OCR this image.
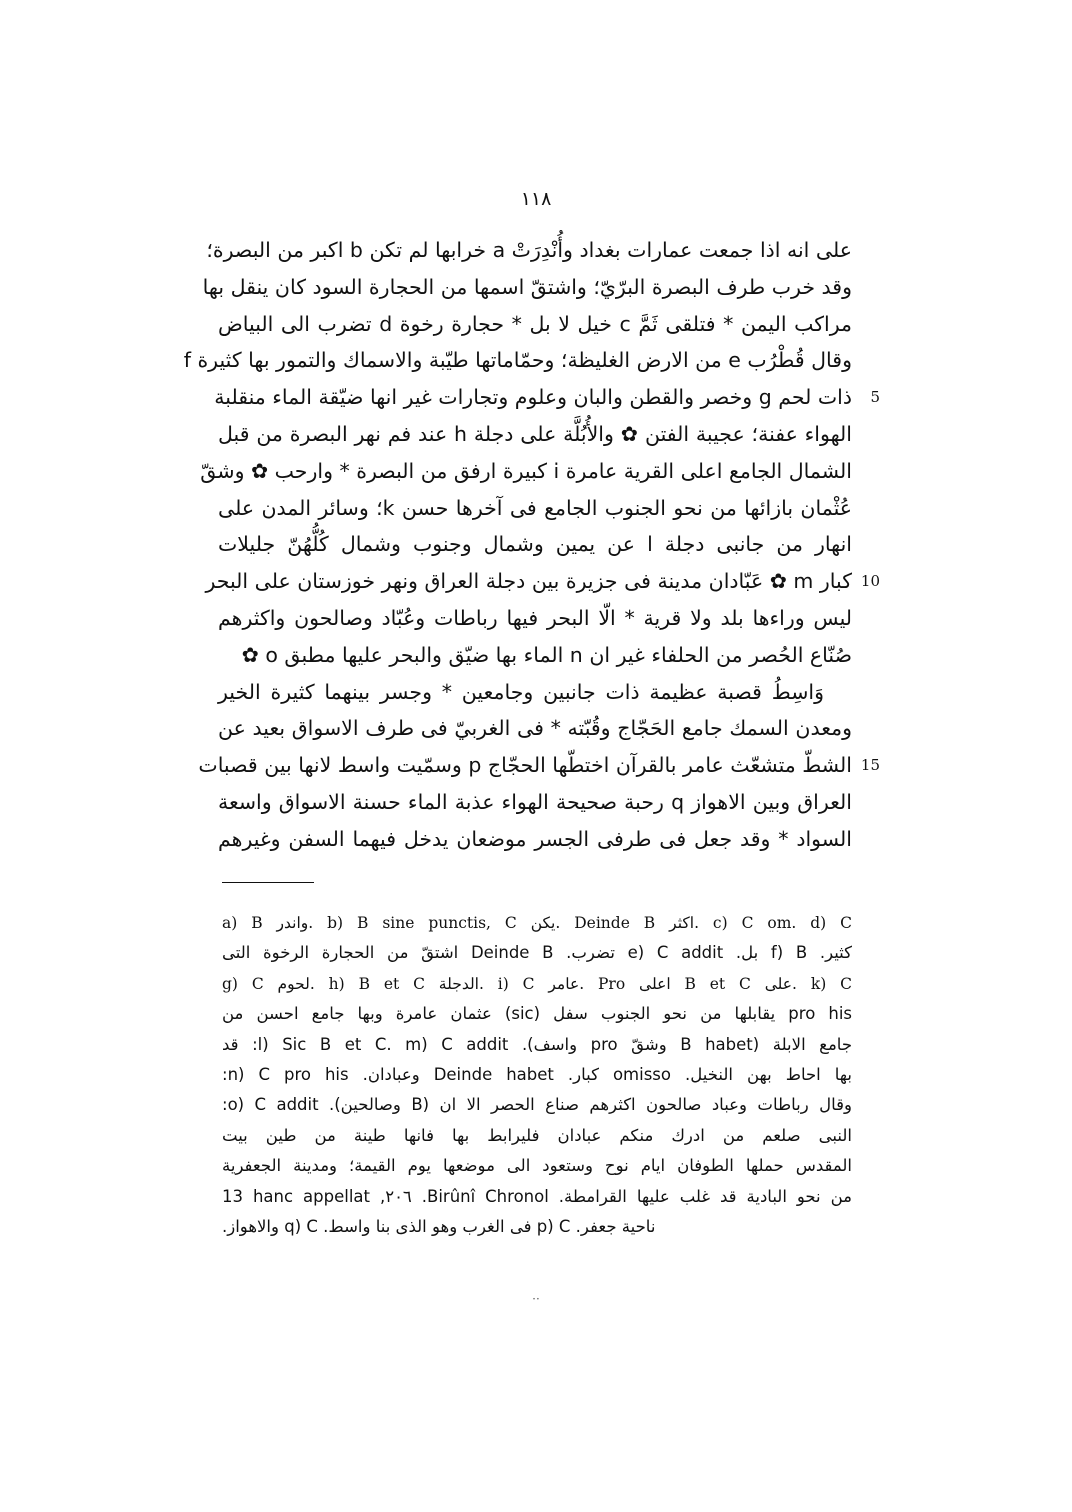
١١٨
على انه اذا جمعت عمارات بغداد وأُنْدِرَتْ a خرابها لم تكن b اكبر من البصرة؛
وقد خرب طرف البصرة البرّيّ؛ واشتقّ اسمها من الحجارة السود كان ينقل بها
مراكب اليمن * فتلقى ثَمَّ c خيل لا بل * حجارة رخوة d تضرب الى البياض
وقال قُطْرُب e من الارض الغليظة؛ وحمّاماتها طيّبة والاسماك والتمور بها كثيرة f
5
ذات لحم g وخصر والقطن والبان وعلوم وتجارات غير انها ضيّقة الماء منقلبة
الهواء عفنة؛ عجيبة الفتن ✿ والأُبُلَّة على دجلة h عند فم نهر البصرة من قبل
الشمال الجامع اعلى القرية عامرة i كبيرة ارفق من البصرة * وارحب ✿ وشقّ
عُثْمان بازائها من نحو الجنوب الجامع فى آخرها حسن k؛ وسائر المدن على
انهار من جانبى دجلة l عن يمين وشمال وجنوب وشمال كُلُّهُنّ جليلات
10
كبار m ✿ عَبّادان مدينة فى جزيرة بين دجلة العراق ونهر خوزستان على البحر
ليس وراءها بلد ولا قرية * الّا البحر فيها رباطات وعُبّاد وصالحون واكثرهم
صُنّاع الحُصر من الحلفاء غير ان n الماء بها ضيّق والبحر عليها مطبق o ✿
وَاسِطُ قصبة عظيمة ذات جانبين وجامعين * وجسر بينهما كثيرة الخير
ومعدن السمك جامع الحَجّاج وقُبّته * فى الغربيّ فى طرف الاسواق بعيد عن
15
الشطّ متشعّث عامر بالقرآن اختطّها الحجّاج p وسمّيت واسط لانها بين قصبات
العراق وبين الاهواز q رحبة صحيحة الهواء عذبة الماء حسنة الاسواق واسعة
السواد * وقد جعل فى طرفى الجسر موضعان يدخل فيهما السفن وغيرهم
a) B واندر. b) B sine punctis, C يكن. Deinde B اكثر. c) C om. d) C
كثير. f) B بل. e) C addit تضرب. Deinde B اشتقّ من الحجارة الرخوة التى
g) C لحوم. h) B et C الدجلة. i) C عامر. Pro اعلى B et C على. k) C
pro his يقابلها من نحو الجنوب سفل (sic) عثمان عامرة وبها جامع احسن من
جامع الابلة (B habet وشقّ pro واسف). l) Sic B et C. m) C addit: قد
بها احاط بهن النخيل. omisso كبار. Deinde habet وعبادان. n) C pro his:
وقال رباطات وعباد صالحون اكثرهم صناع الحصر الا ان (B وصالحين). o) C addit:
النبى صلعم من ادرك منكم عبادان فليرابط بها فانها طينة من طين بيت
المقدس حملها الطوفان ايام نوح وستعود الى موضعها يوم القيمة؛ ومدينة الجعفرية
من نحو البادية قد غلب عليها القرامطة. Birûnî Chronol. ٢٠٦, 13 hanc appellat
ناحية جعفر. p) C فى الغرب وهو الذى بنا واسط. q) C والاهواز.
··
